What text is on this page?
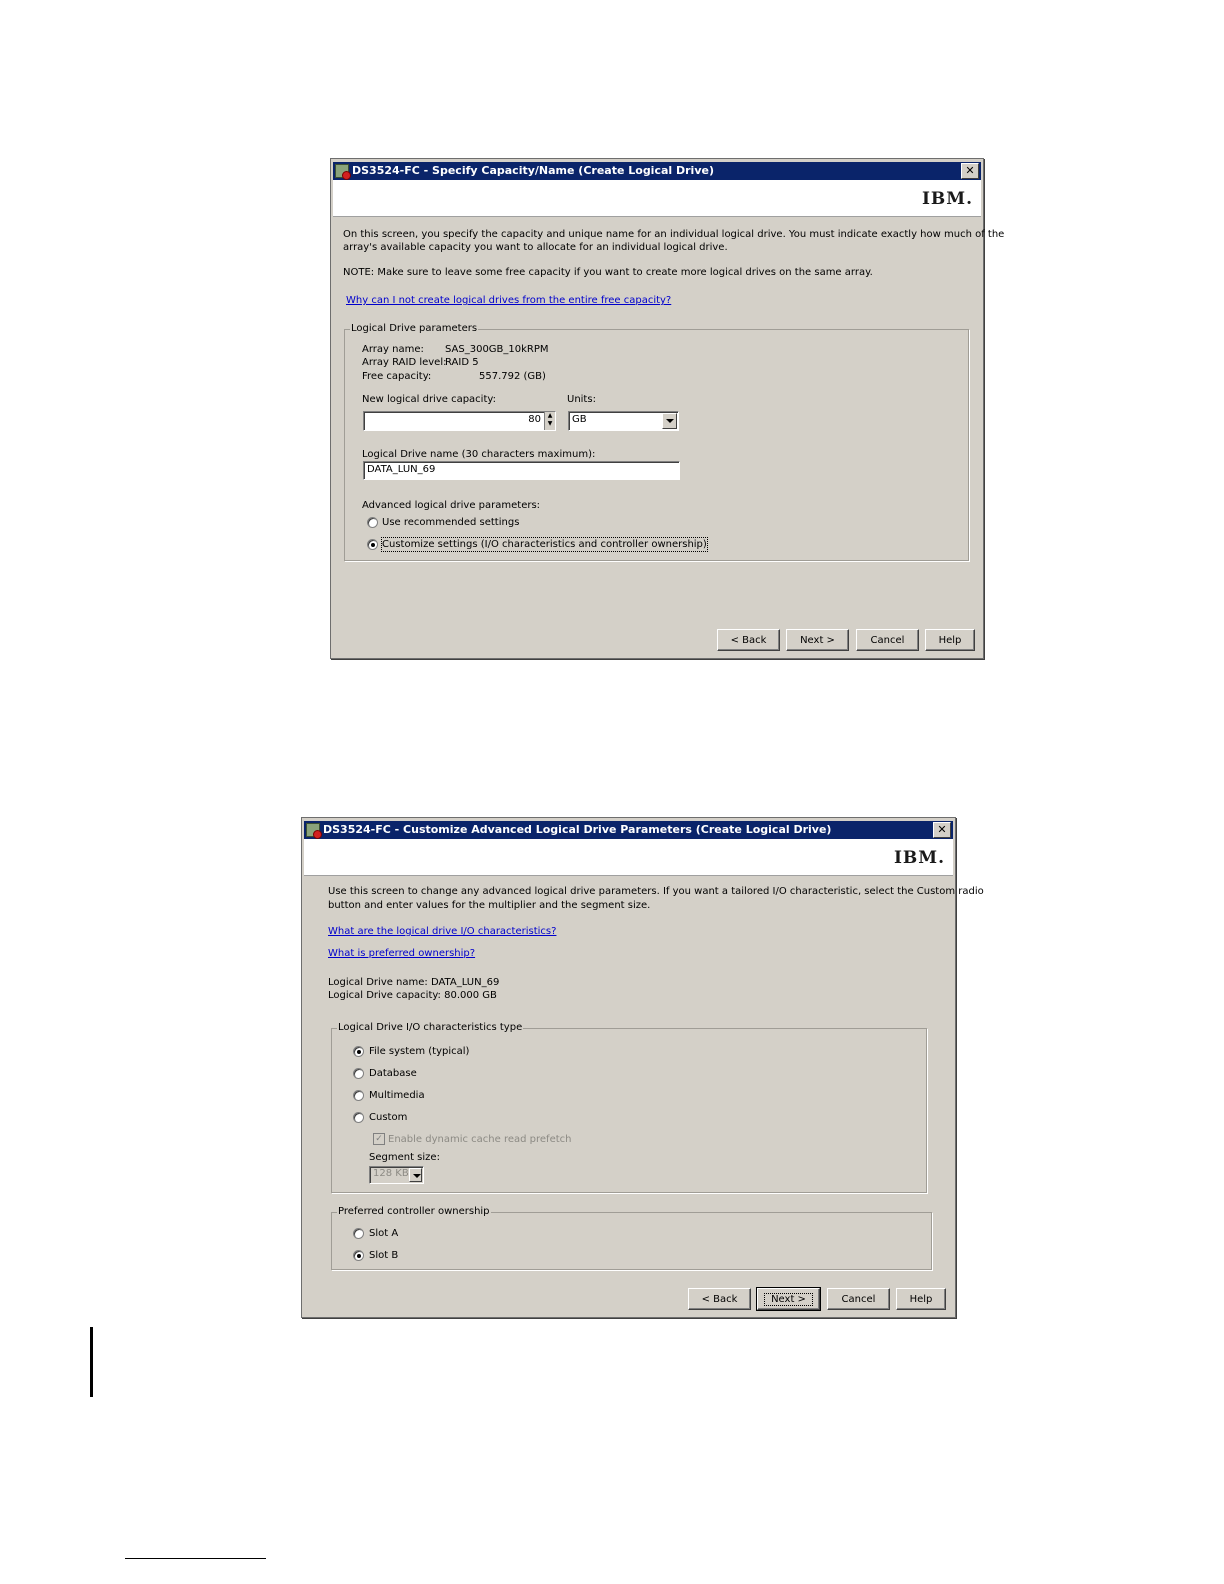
DS3524-FC - Specify Capacity/Name (Create Logical Drive)	✕
IBM.
On this screen, you specify the capacity and unique name for an individual logical drive. You must indicate exactly how much of the
array's available capacity you want to allocate for an individual logical drive.
NOTE: Make sure to leave some free capacity if you want to create more logical drives on the same array.
Why can I not create logical drives from the entire free capacity?
Logical Drive parameters
Array name: SAS_300GB_10kRPM
Array RAID level:
RAID 5
Free capacity:	557.792 (GB)
New logical drive capacity:	Units:
80	▲
▼	GB
Logical Drive name (30 characters maximum):
DATA_LUN_69
Advanced logical drive parameters:
Use recommended settings
Customize settings (I/O characteristics and controller ownership)
< Back	Next >	Cancel	Help
DS3524-FC - Customize Advanced Logical Drive Parameters (Create Logical Drive)	✕
IBM.
Use this screen to change any advanced logical drive parameters. If you want a tailored I/O characteristic, select the Custom radio
button and enter values for the multiplier and the segment size.
What are the logical drive I/O characteristics?
What is preferred ownership?
Logical Drive name: DATA_LUN_69
Logical Drive capacity: 80.000 GB
Logical Drive I/O characteristics type
File system (typical)
Database
Multimedia
Custom
✓ Enable dynamic cache read prefetch
Segment size:
128 KB
Preferred controller ownership
Slot A
Slot B
< Back	Next >	Cancel	Help
